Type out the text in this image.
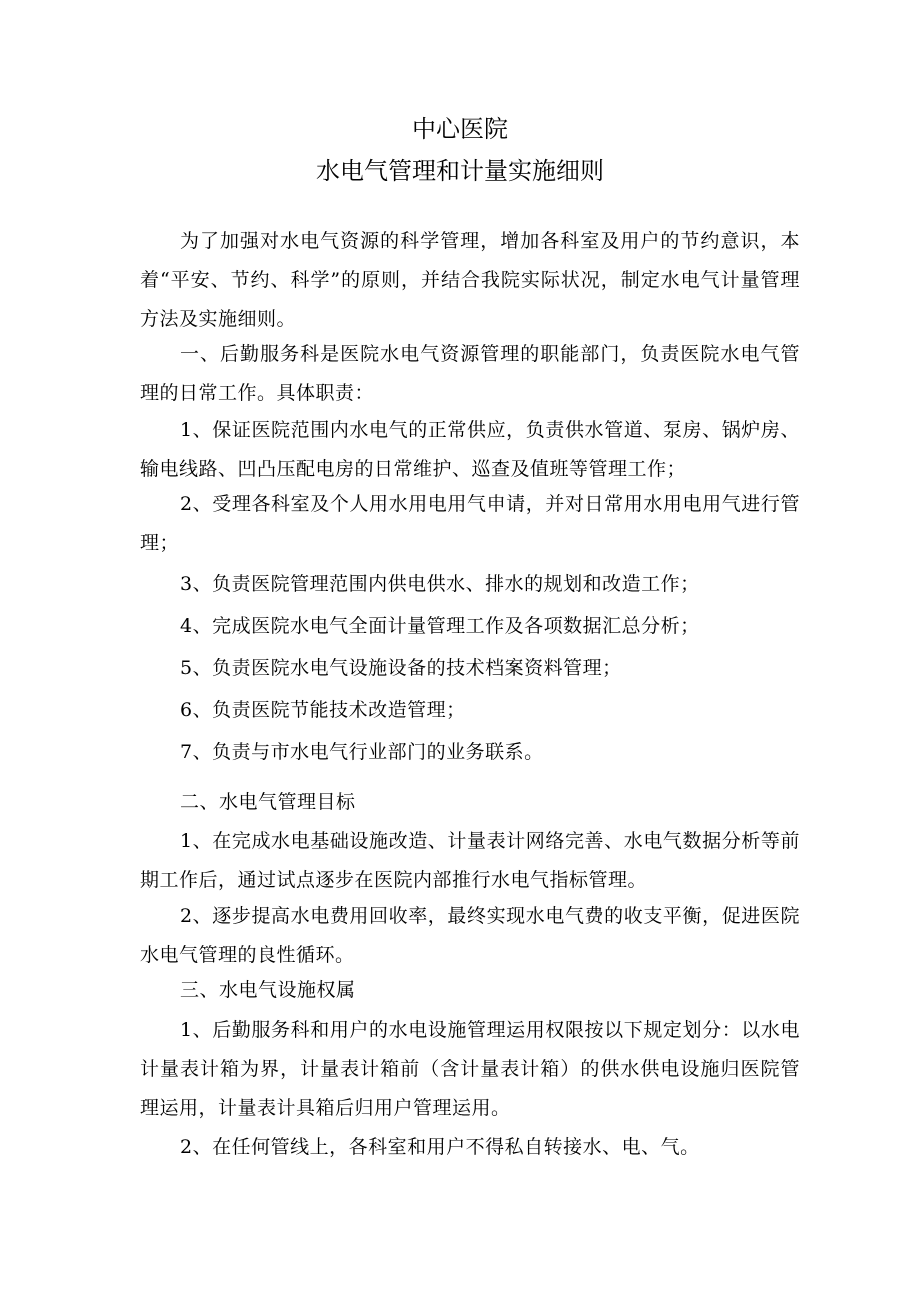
中心医院
水电气管理和计量实施细则

为了加强对水电气资源的科学管理，增加各科室及用户的节约意识，本着“平安、节约、科学”的原则，并结合我院实际状况，制定水电气计量管理方法及实施细则。

一、后勤服务科是医院水电气资源管理的职能部门，负责医院水电气管理的日常工作。具体职责：

1、保证医院范围内水电气的正常供应，负责供水管道、泵房、锅炉房、输电线路、凹凸压配电房的日常维护、巡查及值班等管理工作；

2、受理各科室及个人用水用电用气申请，并对日常用水用电用气进行管理；

3、负责医院管理范围内供电供水、排水的规划和改造工作；

4、完成医院水电气全面计量管理工作及各项数据汇总分析；

5、负责医院水电气设施设备的技术档案资料管理；

6、负责医院节能技术改造管理；

7、负责与市水电气行业部门的业务联系。

二、水电气管理目标

1、在完成水电基础设施改造、计量表计网络完善、水电气数据分析等前期工作后，通过试点逐步在医院内部推行水电气指标管理。

2、逐步提高水电费用回收率，最终实现水电气费的收支平衡，促进医院水电气管理的良性循环。

三、水电气设施权属

1、后勤服务科和用户的水电设施管理运用权限按以下规定划分：以水电计量表计箱为界，计量表计箱前（含计量表计箱）的供水供电设施归医院管理运用，计量表计具箱后归用户管理运用。

2、在任何管线上，各科室和用户不得私自转接水、电、气。
